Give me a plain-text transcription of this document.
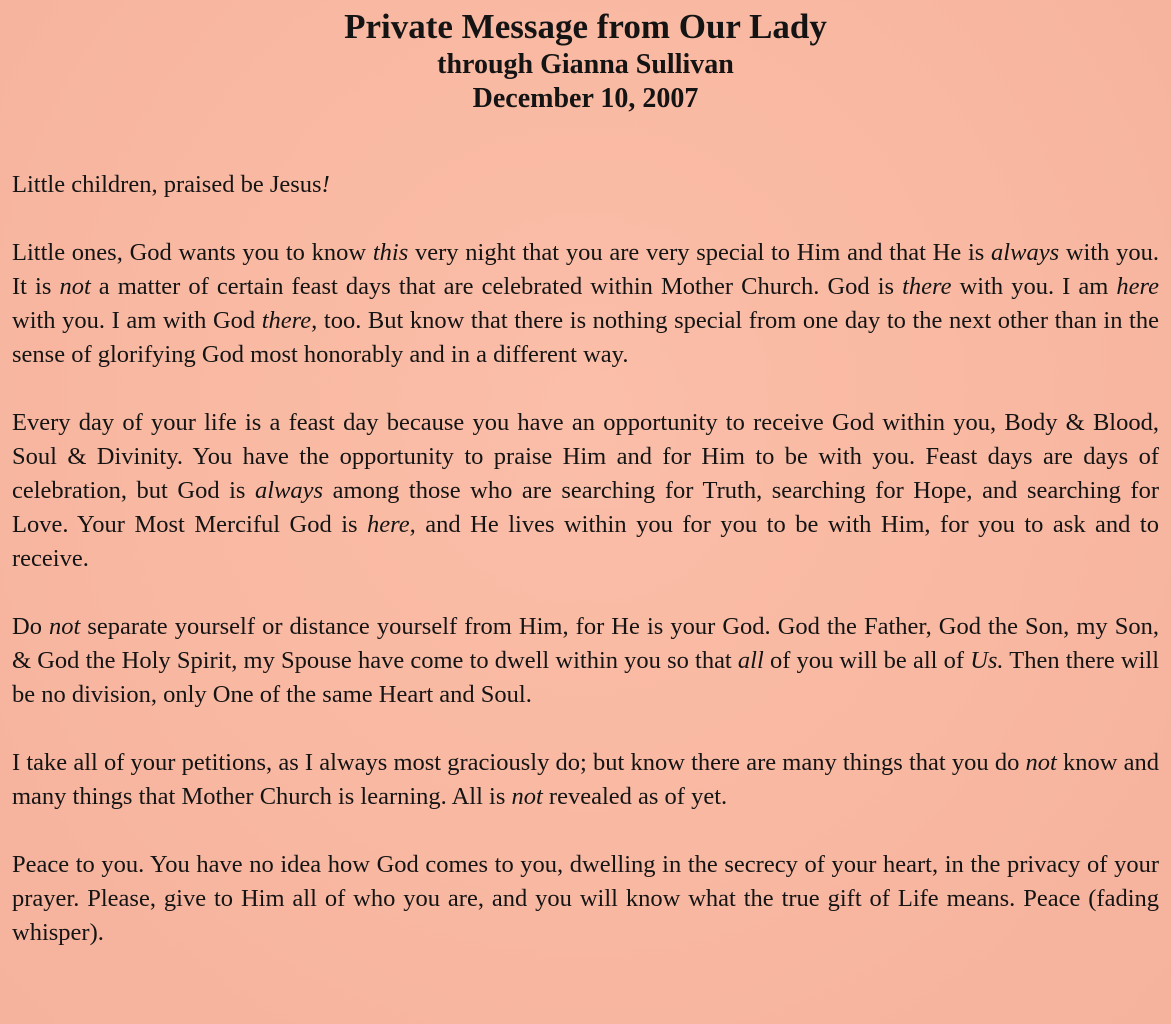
Private Message from Our Lady

through Gianna Sullivan

December 10, 2007

Little children, praised be Jesus!

Little ones, God wants you to know this very night that you are very special to Him and that He is always with you. It is not a matter of certain feast days that are celebrated within Mother Church. God is there with you. I am here with you. I am with God there, too. But know that there is nothing special from one day to the next other than in the sense of glorifying God most honorably and in a different way.

Every day of your life is a feast day because you have an opportunity to receive God within you, Body & Blood, Soul & Divinity. You have the opportunity to praise Him and for Him to be with you. Feast days are days of celebration, but God is always among those who are searching for Truth, searching for Hope, and searching for Love. Your Most Merciful God is here, and He lives within you for you to be with Him, for you to ask and to receive.

Do not separate yourself or distance yourself from Him, for He is your God. God the Father, God the Son, my Son, & God the Holy Spirit, my Spouse have come to dwell within you so that all of you will be all of Us. Then there will be no division, only One of the same Heart and Soul.

I take all of your petitions, as I always most graciously do; but know there are many things that you do not know and many things that Mother Church is learning. All is not revealed as of yet.

Peace to you. You have no idea how God comes to you, dwelling in the secrecy of your heart, in the privacy of your prayer. Please, give to Him all of who you are, and you will know what the true gift of Life means. Peace (fading whisper).
